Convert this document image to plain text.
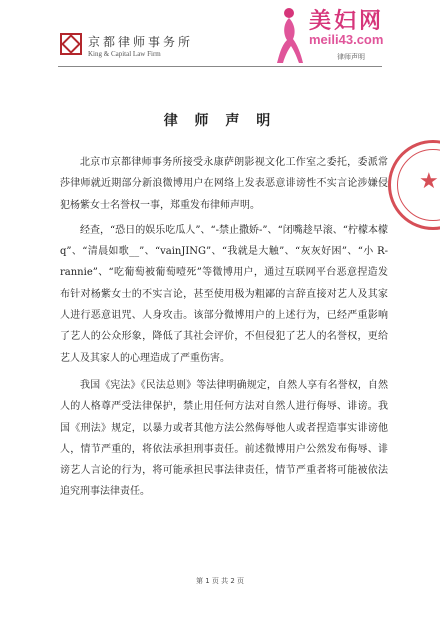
京都律师事务所
King & Capital Law Firm	律师声明
美妇网
meili43.com
律 师 声 明

北京市京都律师事务所接受永康萨朗影视文化工作室之委托，委派常莎律师就近期部分新浪微博用户在网络上发表恶意诽谤性不实言论涉嫌侵犯杨紫女士名誉权一事，郑重发布律师声明。

经查，“恐日的娱乐吃瓜人”、“-禁止撒娇-”、“闭嘴趁早滚、“柠檬本檬 q”、“清晨如歌__”、“vainJING”、“我就是大触”、“灰灰好困”、“小 R-rannie”、“吃葡萄被葡萄噎死”等微博用户，通过互联网平台恶意捏造发布针对杨紫女士的不实言论，甚至使用极为粗鄙的言辞直接对艺人及其家人进行恶意诅咒、人身攻击。该部分微博用户的上述行为，已经严重影响了艺人的公众形象，降低了其社会评价，不但侵犯了艺人的名誉权，更给艺人及其家人的心理造成了严重伤害。

我国《宪法》《民法总则》等法律明确规定，自然人享有名誉权，自然人的人格尊严受法律保护，禁止用任何方法对自然人进行侮辱、诽谤。我国《刑法》规定，以暴力或者其他方法公然侮辱他人或者捏造事实诽谤他人，情节严重的，将依法承担刑事责任。前述微博用户公然发布侮辱、诽谤艺人言论的行为，将可能承担民事法律责任，情节严重者将可能被依法追究刑事法律责任。

★
第 1 页 共 2 页
